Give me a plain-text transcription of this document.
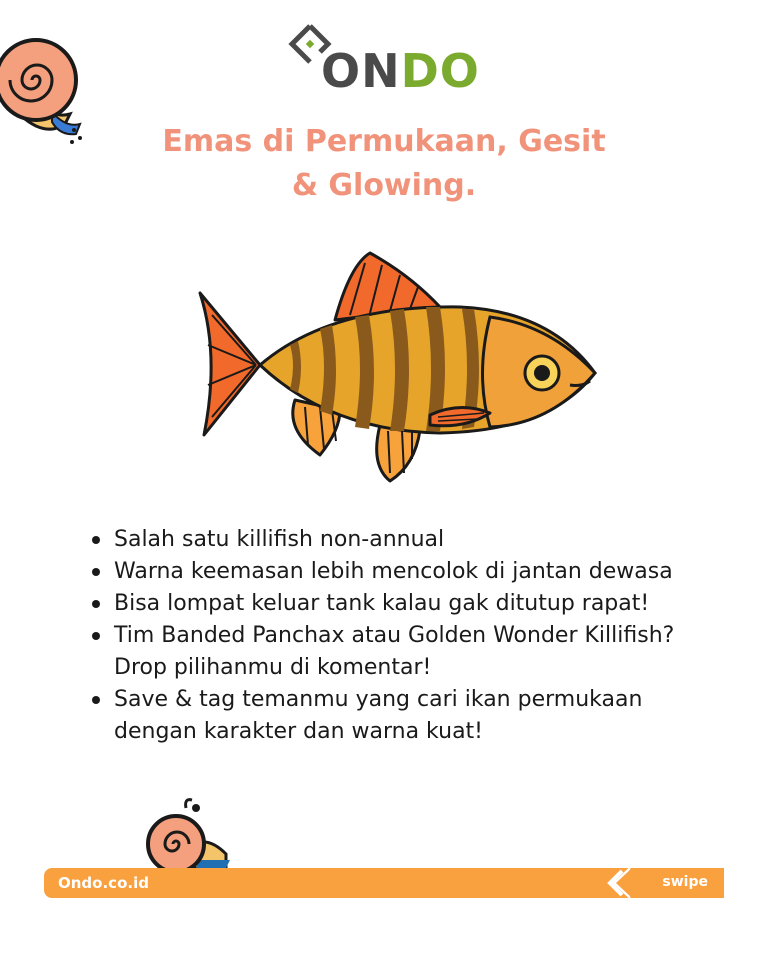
ONDO
Emas di Permukaan, Gesit
& Glowing.
Salah satu killifish non-annual
Warna keemasan lebih mencolok di jantan dewasa
Bisa lompat keluar tank kalau gak ditutup rapat!
Tim Banded Panchax atau Golden Wonder Killifish? Drop pilihanmu di komentar!
Save & tag temanmu yang cari ikan permukaan dengan karakter dan warna kuat!
Ondo.co.id	swipe
